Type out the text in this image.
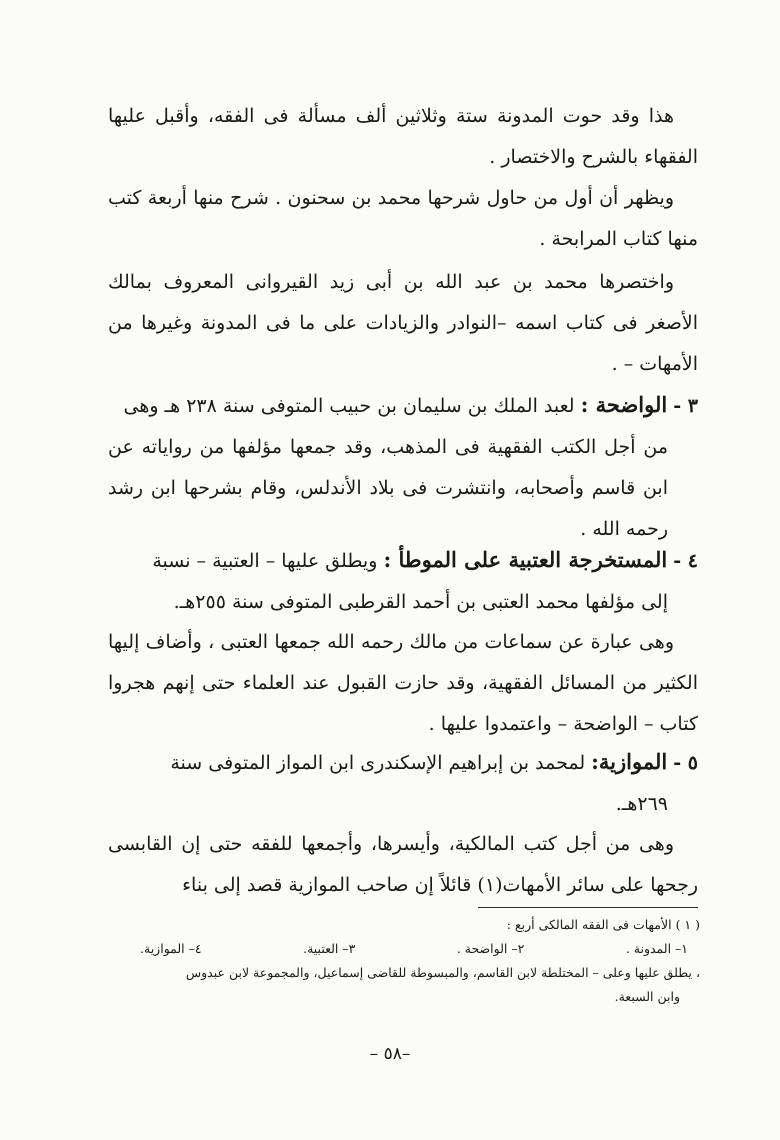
هذا وقد حوت المدونة ستة وثلاثين ألف مسألة فى الفقه، وأقبل عليها الفقهاء بالشرح والاختصار .

ويظهر أن أول من حاول شرحها محمد بن سحنون . شرح منها أربعة كتب منها كتاب المرابحة .

واختصرها محمد بن عبد الله بن أبى زيد القيروانى المعروف بمالك الأصغر فى كتاب اسمه –النوادر والزيادات على ما فى المدونة وغيرها من الأمهات – .

٣ - الواضحة : لعبد الملك بن سليمان بن حبيب المتوفى سنة ٢٣٨ هـ وهى
من أجل الكتب الفقهية فى المذهب، وقد جمعها مؤلفها من رواياته عن ابن قاسم وأصحابه، وانتشرت فى بلاد الأندلس، وقام بشرحها ابن رشد رحمه الله .

٤ - المستخرجة العتبية على الموطأ : ويطلق عليها – العتبية – نسبة
إلى مؤلفها محمد العتبى بن أحمد القرطبى المتوفى سنة ٢٥٥هـ.

وهى عبارة عن سماعات من مالك رحمه الله جمعها العتبى ، وأضاف إليها الكثير من المسائل الفقهية، وقد حازت القبول عند العلماء حتى إنهم هجروا كتاب – الواضحة – واعتمدوا عليها .

٥ - الموازية: لمحمد بن إبراهيم الإسكندرى ابن المواز المتوفى سنة
٢٦٩هـ.

وهى من أجل كتب المالكية، وأيسرها، وأجمعها للفقه حتى إن القابسى رجحها على سائر الأمهات(١) قائلاً إن صاحب الموازية قصد إلى بناء

( ١ ) الأمهات فى الفقه المالكى أربع :
١– المدونة .
٢– الواضحة .
٣– العتبية.
٤– الموازية.
، يطلق عليها وعلى – المختلطة لابن القاسم، والمبسوطة للقاضى إسماعيل، والمجموعة لابن عبدوس
وابن السبعة.
–٥٨ –
